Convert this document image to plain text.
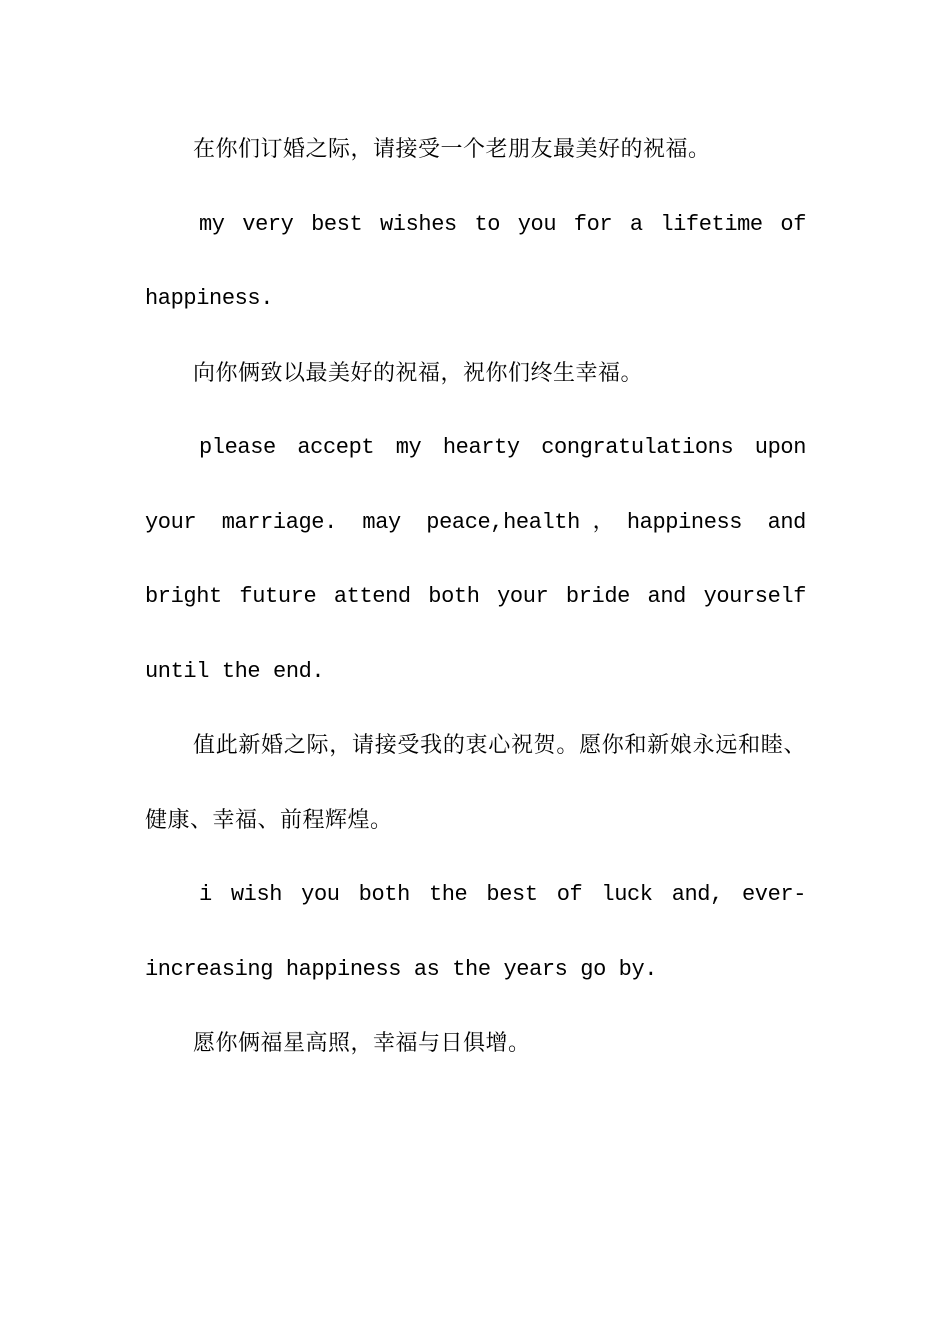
在你们订婚之际，请接受一个老朋友最美好的祝福。

my very best wishes to you for a lifetime of happiness.

向你俩致以最美好的祝福，祝你们终生幸福。

please accept my hearty congratulations upon your marriage. may peace,health，happiness and bright future attend both your bride and yourself until the end.

值此新婚之际，请接受我的衷心祝贺。愿你和新娘永远和睦、健康、幸福、前程辉煌。

i wish you both the best of luck and, ever-increasing happiness as the years go by.

愿你俩福星高照，幸福与日俱增。
